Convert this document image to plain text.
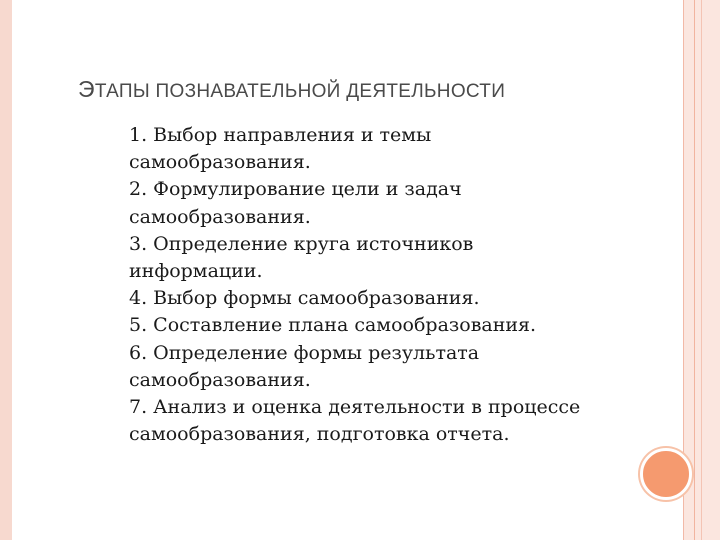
ЭТАПЫ ПОЗНАВАТЕЛЬНОЙ ДЕЯТЕЛЬНОСТИ
1. Выбор направления и темы самообразования.
2. Формулирование цели и задач самообразования.
3. Определение круга источников информации.
4. Выбор формы самообразования.
5. Составление плана самообразования.
6. Определение формы результата самообразования.
7. Анализ и оценка деятельности в процессе самообразования, подготовка отчета.
